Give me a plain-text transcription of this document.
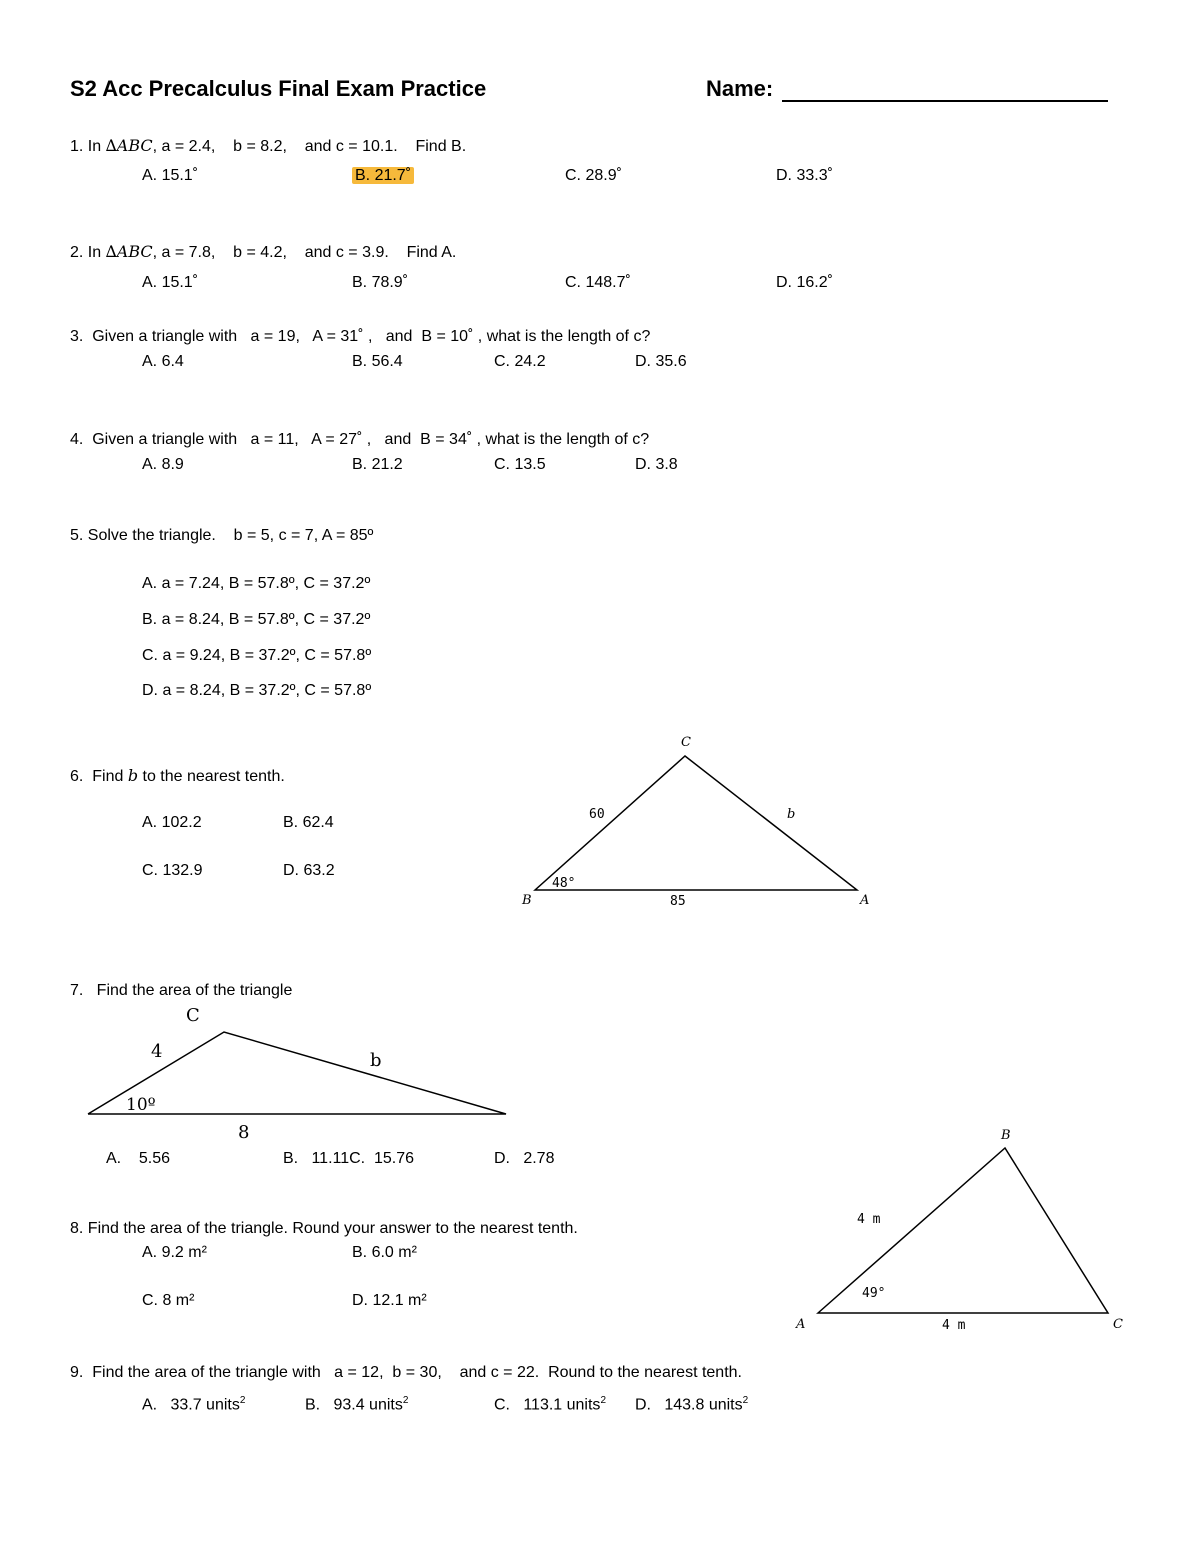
S2 Acc Precalculus Final Exam Practice	Name:
1. In ∆ABC, a = 2.4,    b = 8.2,    and c = 10.1.    Find B.
A. 15.1˚	B. 21.7˚	C. 28.9˚	D. 33.3˚
2. In ∆ABC, a = 7.8,    b = 4.2,    and c = 3.9.    Find A.
A. 15.1˚	B. 78.9˚	C. 148.7˚	D. 16.2˚
3.  Given a triangle with   a = 19,   A = 31˚ ,   and  B = 10˚ , what is the length of c?
A. 6.4	B. 56.4	C. 24.2	D. 35.6
4.  Given a triangle with   a = 11,   A = 27˚ ,   and  B = 34˚ , what is the length of c?
A. 8.9	B. 21.2	C. 13.5	D. 3.8
5. Solve the triangle.    b = 5, c = 7, A = 85º
A. a = 7.24, B = 57.8º, C = 37.2º
B. a = 8.24, B = 57.8º, C = 37.2º
C. a = 9.24, B = 37.2º, C = 57.8º
D. a = 8.24, B = 37.2º, C = 57.8º
6.  Find b to the nearest tenth.
A. 102.2	B. 62.4
C. 132.9	D. 63.2
C
B	A
60	b
85
48°
7.   Find the area of the triangle
C
4	b
10º
8
A.    5.56	B.   11.11C.  15.76	D.   2.78
8. Find the area of the triangle. Round your answer to the nearest tenth.
A. 9.2 m²	B. 6.0 m²
C. 8 m²	D. 12.1 m²
B
A	C
4 m
4 m
49°
9.  Find the area of the triangle with   a = 12,  b = 30,    and c = 22.  Round to the nearest tenth.
A.   33.7 units$^2$	B.   93.4 units$^2$	C.   113.1 units$^2$ D.   143.8 units$^2$
